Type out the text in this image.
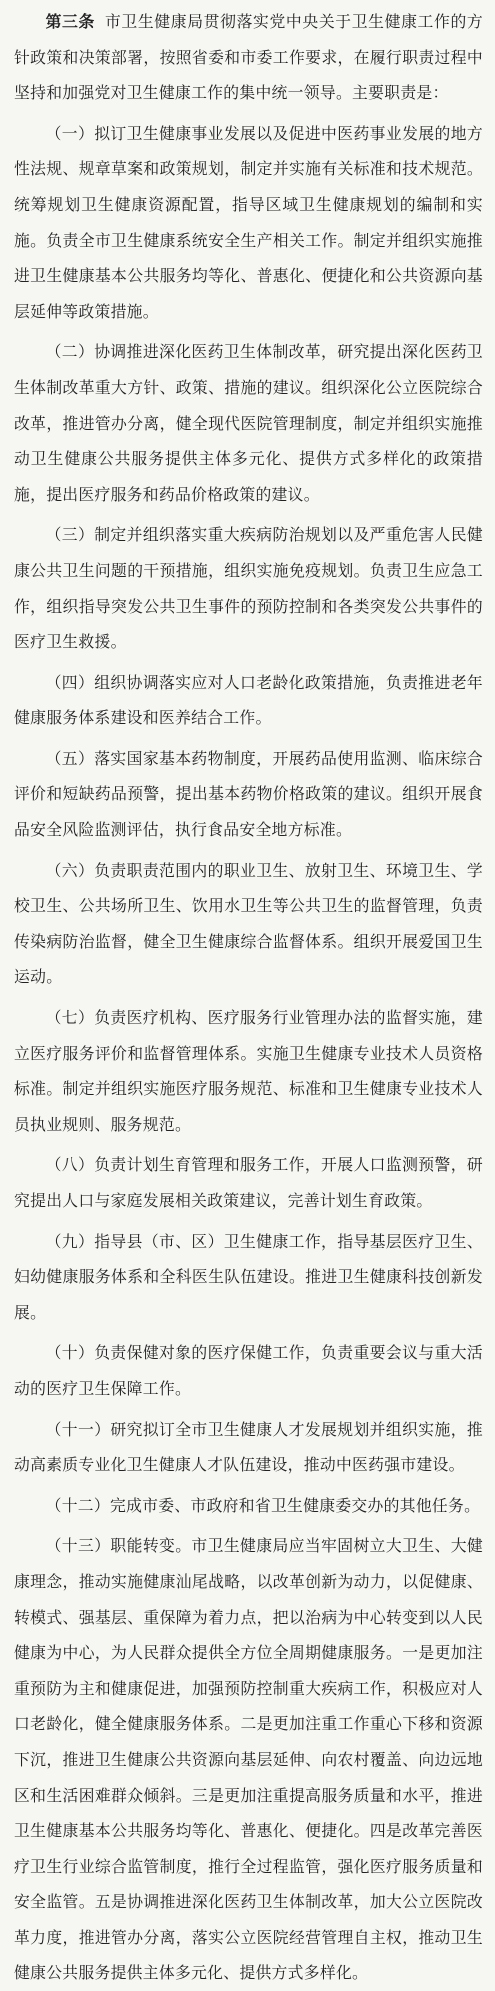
第三条 市卫生健康局贯彻落实党中央关于卫生健康工作的方针政策和决策部署，按照省委和市委工作要求，在履行职责过程中坚持和加强党对卫生健康工作的集中统一领导。主要职责是：

（一）拟订卫生健康事业发展以及促进中医药事业发展的地方性法规、规章草案和政策规划，制定并实施有关标准和技术规范。统筹规划卫生健康资源配置，指导区域卫生健康规划的编制和实施。负责全市卫生健康系统安全生产相关工作。制定并组织实施推进卫生健康基本公共服务均等化、普惠化、便捷化和公共资源向基层延伸等政策措施。

（二）协调推进深化医药卫生体制改革，研究提出深化医药卫生体制改革重大方针、政策、措施的建议。组织深化公立医院综合改革，推进管办分离，健全现代医院管理制度，制定并组织实施推动卫生健康公共服务提供主体多元化、提供方式多样化的政策措施，提出医疗服务和药品价格政策的建议。

（三）制定并组织落实重大疾病防治规划以及严重危害人民健康公共卫生问题的干预措施，组织实施免疫规划。负责卫生应急工作，组织指导突发公共卫生事件的预防控制和各类突发公共事件的医疗卫生救援。

（四）组织协调落实应对人口老龄化政策措施，负责推进老年健康服务体系建设和医养结合工作。

（五）落实国家基本药物制度，开展药品使用监测、临床综合评价和短缺药品预警，提出基本药物价格政策的建议。组织开展食品安全风险监测评估，执行食品安全地方标准。

（六）负责职责范围内的职业卫生、放射卫生、环境卫生、学校卫生、公共场所卫生、饮用水卫生等公共卫生的监督管理，负责传染病防治监督，健全卫生健康综合监督体系。组织开展爱国卫生运动。

（七）负责医疗机构、医疗服务行业管理办法的监督实施，建立医疗服务评价和监督管理体系。实施卫生健康专业技术人员资格标准。制定并组织实施医疗服务规范、标准和卫生健康专业技术人员执业规则、服务规范。

（八）负责计划生育管理和服务工作，开展人口监测预警，研究提出人口与家庭发展相关政策建议，完善计划生育政策。

（九）指导县（市、区）卫生健康工作，指导基层医疗卫生、妇幼健康服务体系和全科医生队伍建设。推进卫生健康科技创新发展。

（十）负责保健对象的医疗保健工作，负责重要会议与重大活动的医疗卫生保障工作。

（十一）研究拟订全市卫生健康人才发展规划并组织实施，推动高素质专业化卫生健康人才队伍建设，推动中医药强市建设。

（十二）完成市委、市政府和省卫生健康委交办的其他任务。

（十三）职能转变。市卫生健康局应当牢固树立大卫生、大健康理念，推动实施健康汕尾战略，以改革创新为动力，以促健康、转模式、强基层、重保障为着力点，把以治病为中心转变到以人民健康为中心，为人民群众提供全方位全周期健康服务。一是更加注重预防为主和健康促进，加强预防控制重大疾病工作，积极应对人口老龄化，健全健康服务体系。二是更加注重工作重心下移和资源下沉，推进卫生健康公共资源向基层延伸、向农村覆盖、向边远地区和生活困难群众倾斜。三是更加注重提高服务质量和水平，推进卫生健康基本公共服务均等化、普惠化、便捷化。四是改革完善医疗卫生行业综合监管制度，推行全过程监管，强化医疗服务质量和安全监管。五是协调推进深化医药卫生体制改革，加大公立医院改革力度，推进管办分离，落实公立医院经营管理自主权，推动卫生健康公共服务提供主体多元化、提供方式多样化。
